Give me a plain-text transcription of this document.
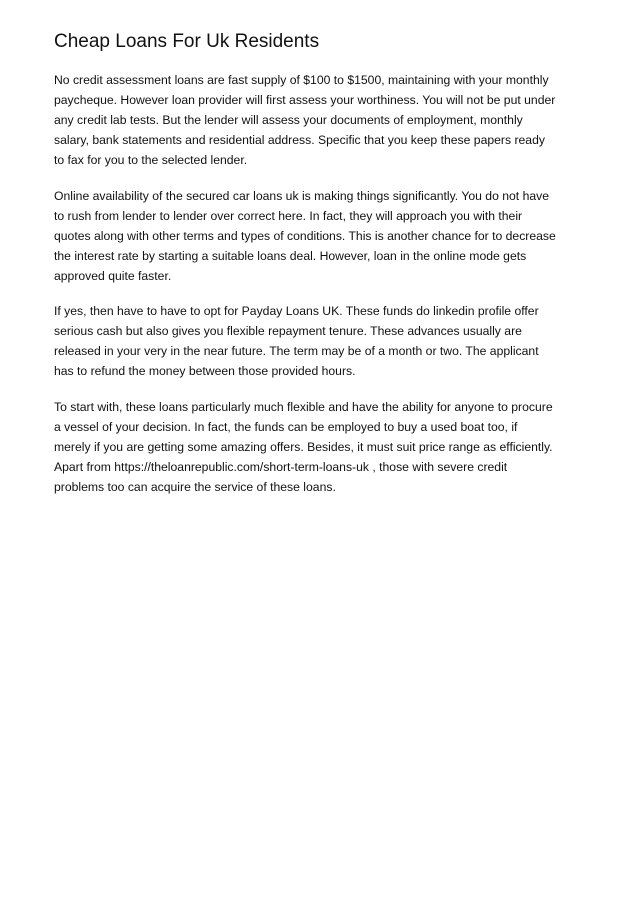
Cheap Loans For Uk Residents

No credit assessment loans are fast supply of $100 to $1500, maintaining with your monthly
paycheque. However loan provider will first assess your worthiness. You will not be put under
any credit lab tests. But the lender will assess your documents of employment, monthly
salary, bank statements and residential address. Specific that you keep these papers ready
to fax for you to the selected lender.

Online availability of the secured car loans uk is making things significantly. You do not have
to rush from lender to lender over correct here. In fact, they will approach you with their
quotes along with other terms and types of conditions. This is another chance for to decrease
the interest rate by starting a suitable loans deal. However, loan in the online mode gets
approved quite faster.

If yes, then have to have to opt for Payday Loans UK. These funds do linkedin profile offer
serious cash but also gives you flexible repayment tenure. These advances usually are
released in your very in the near future. The term may be of a month or two. The applicant
has to refund the money between those provided hours.

To start with, these loans particularly much flexible and have the ability for anyone to procure
a vessel of your decision. In fact, the funds can be employed to buy a used boat too, if
merely if you are getting some amazing offers. Besides, it must suit price range as efficiently.
Apart from https://theloanrepublic.com/short-term-loans-uk , those with severe credit
problems too can acquire the service of these loans.
